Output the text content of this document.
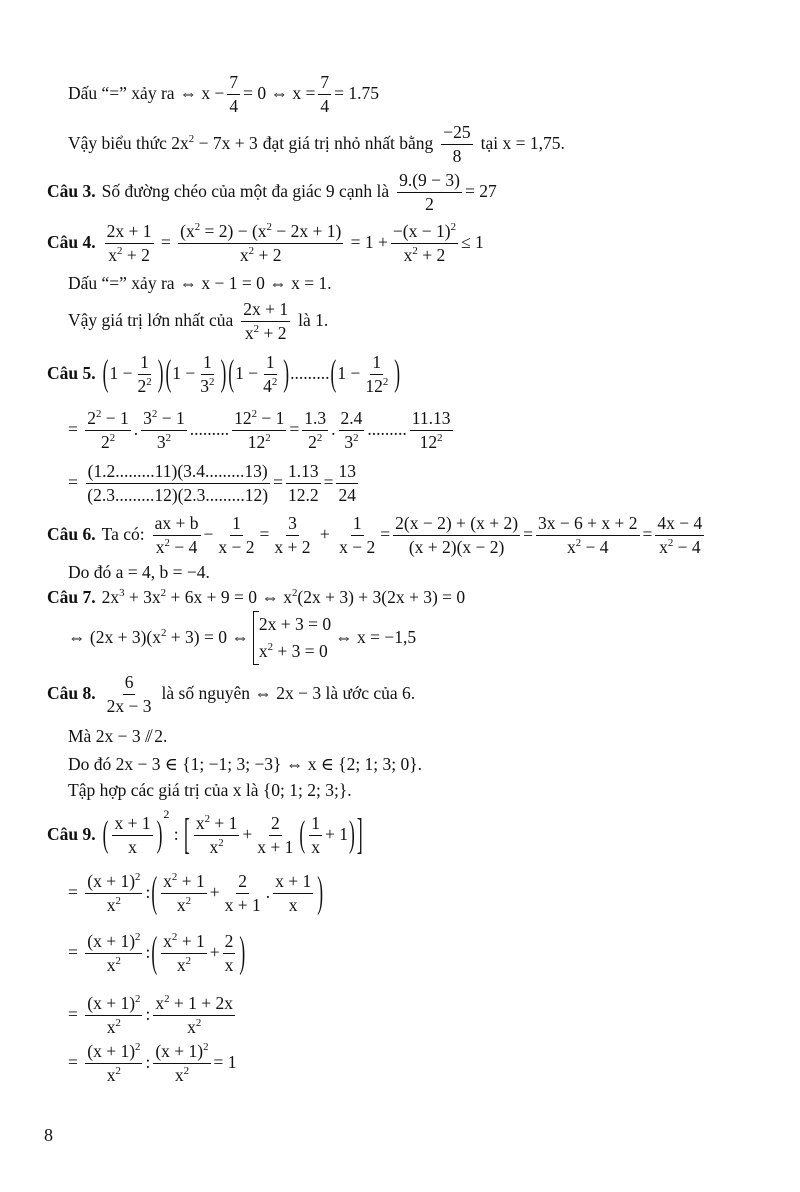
Dấu “=” xảy ra ⇔ $x - \frac{7}{4} = 0$ ⇔ $x = \frac{7}{4} = 1.75$
Vậy biểu thức 2x $^2$ − 7x + 3 đạt giá trị nhỏ nhất bằng $\frac{-25}{8}$ tại x = 1,75.
Câu 3. Số đường chéo của một đa giác 9 cạnh là $\frac{9.(9 - 3)}{2} = 27$
Câu 4. $\frac{2x + 1}{x^2 + 2} = \frac{(x^2 = 2) - (x^2 - 2x + 1)}{x^2 + 2} = 1 + \frac{-(x - 1)^2}{x^2 + 2} \le 1$
Dấu “=” xảy ra ⇔ x − 1 = 0 ⇔ x = 1.
Vậy giá trị lớn nhất của $\frac{2x + 1}{x^2 + 2}$ là 1.
Câu 5. ( $1 - \frac{1}{2^2}$ ) ( $1 - \frac{1}{3^2}$ ) ( $1 - \frac{1}{4^2}$ ) ......... ( $1 - \frac{1}{12^2}$ )
= $\frac{2^2 - 1}{2^2}$ . $\frac{3^2 - 1}{3^2}$ ......... $\frac{12^2 - 1}{12^2} = \frac{1.3}{2^2}$ . $\frac{2.4}{3^2}$ ......... $\frac{11.13}{12^2}$
= $\frac{(1.2.........11)(3.4.........13)}{(2.3.........12)(2.3.........12)} = \frac{1.13}{12.2} = \frac{13}{24}$
Câu 6. Ta có: $\frac{ax + b}{x^2 - 4} - \frac{1}{x - 2} = \frac{3}{x + 2} + \frac{1}{x - 2} = \frac{2(x - 2) + (x + 2)}{(x + 2)(x - 2)} = \frac{3x - 6 + x + 2}{x^2 - 4} = \frac{4x - 4}{x^2 - 4}$
Do đó a = 4, b = −4.
Câu 7. $2x^3 + 3x^2 + 6x + 9 = 0$ ⇔ $x^2(2x + 3) + 3(2x + 3) = 0$
⇔ $(2x + 3)(x^2 + 3) = 0$ ⇔
2x + 3 = 0
$x^2 + 3 = 0$
⇔ x = −1,5
Câu 8. $\frac{6}{2x - 3}$ là số nguyên ⇔ 2x − 3 là ước của 6.
Mà 2x − 3 /̸ 2.
Do đó 2x − 3 ∈ {1; −1; 3; −3} ⇔ x ∈ {2; 1; 3; 0}.
Tập hợp các giá trị của x là {0; 1; 2; 3;}.
Câu 9. ( $\frac{x + 1}{x}$ ) 2
: [ $\frac{x^2 + 1}{x^2} + \frac{2}{x + 1}$ ( $\frac{1}{x} + 1$ ) ]
= $\frac{(x + 1)^2}{x^2}$ : ( $\frac{x^2 + 1}{x^2} + \frac{2}{x + 1}$ . $\frac{x + 1}{x}$ )
= $\frac{(x + 1)^2}{x^2}$ : ( $\frac{x^2 + 1}{x^2} + \frac{2}{x}$ )
= $\frac{(x + 1)^2}{x^2}$ : $\frac{x^2 + 1 + 2x}{x^2}$
= $\frac{(x + 1)^2}{x^2}$ : $\frac{(x + 1)^2}{x^2} = 1$
8
